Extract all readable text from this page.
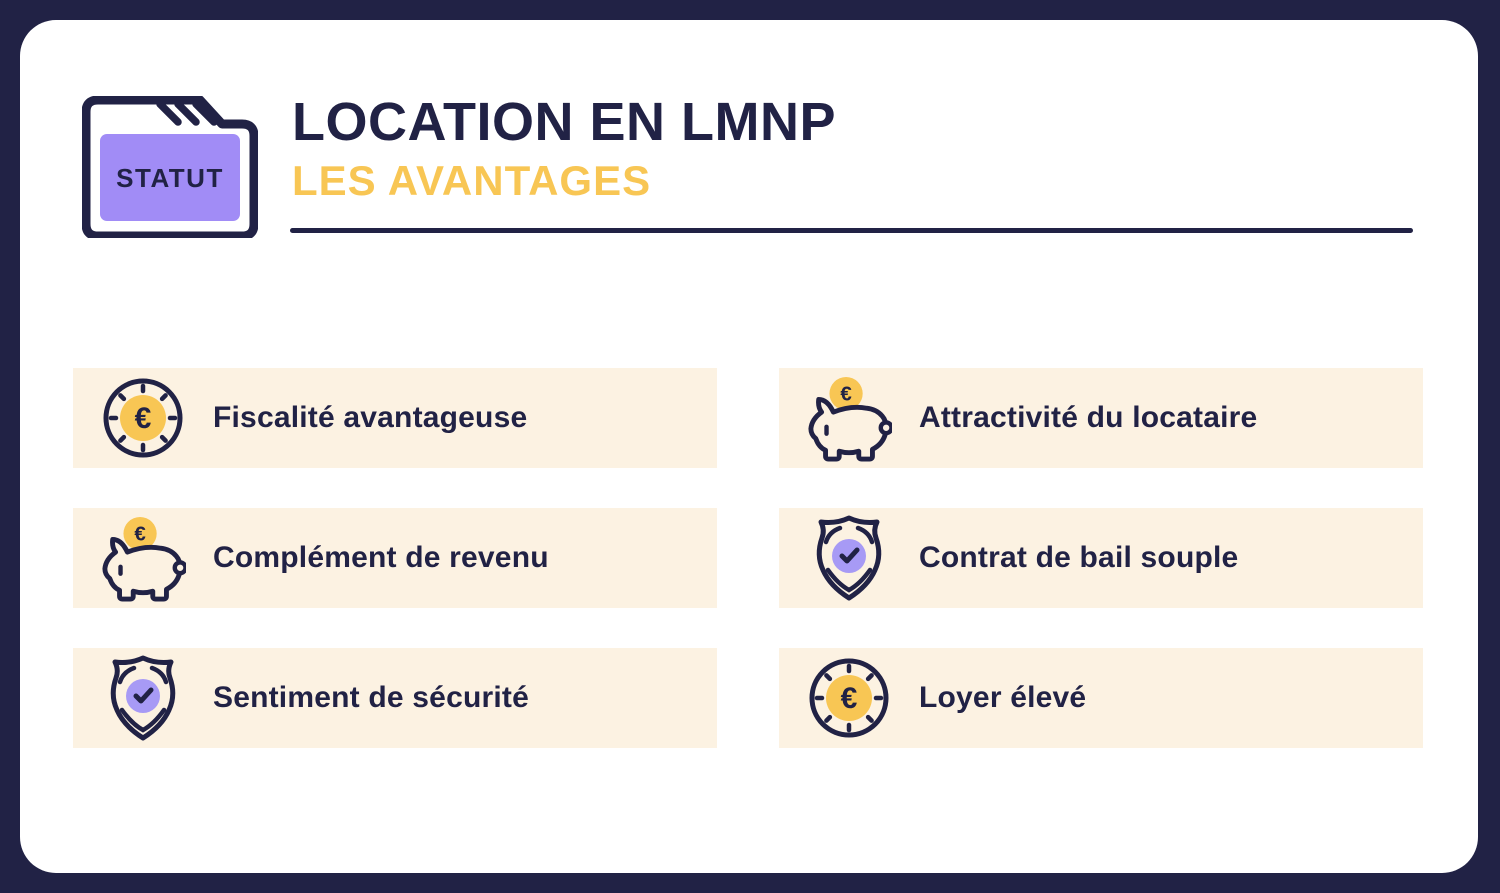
STATUT
LOCATION EN LMNP
LES AVANTAGES
€ Fiscalité avantageuse
€
Complément de revenu
Sentiment de sécurité
€
Attractivité du locataire
Contrat de bail souple
€ Loyer élevé
